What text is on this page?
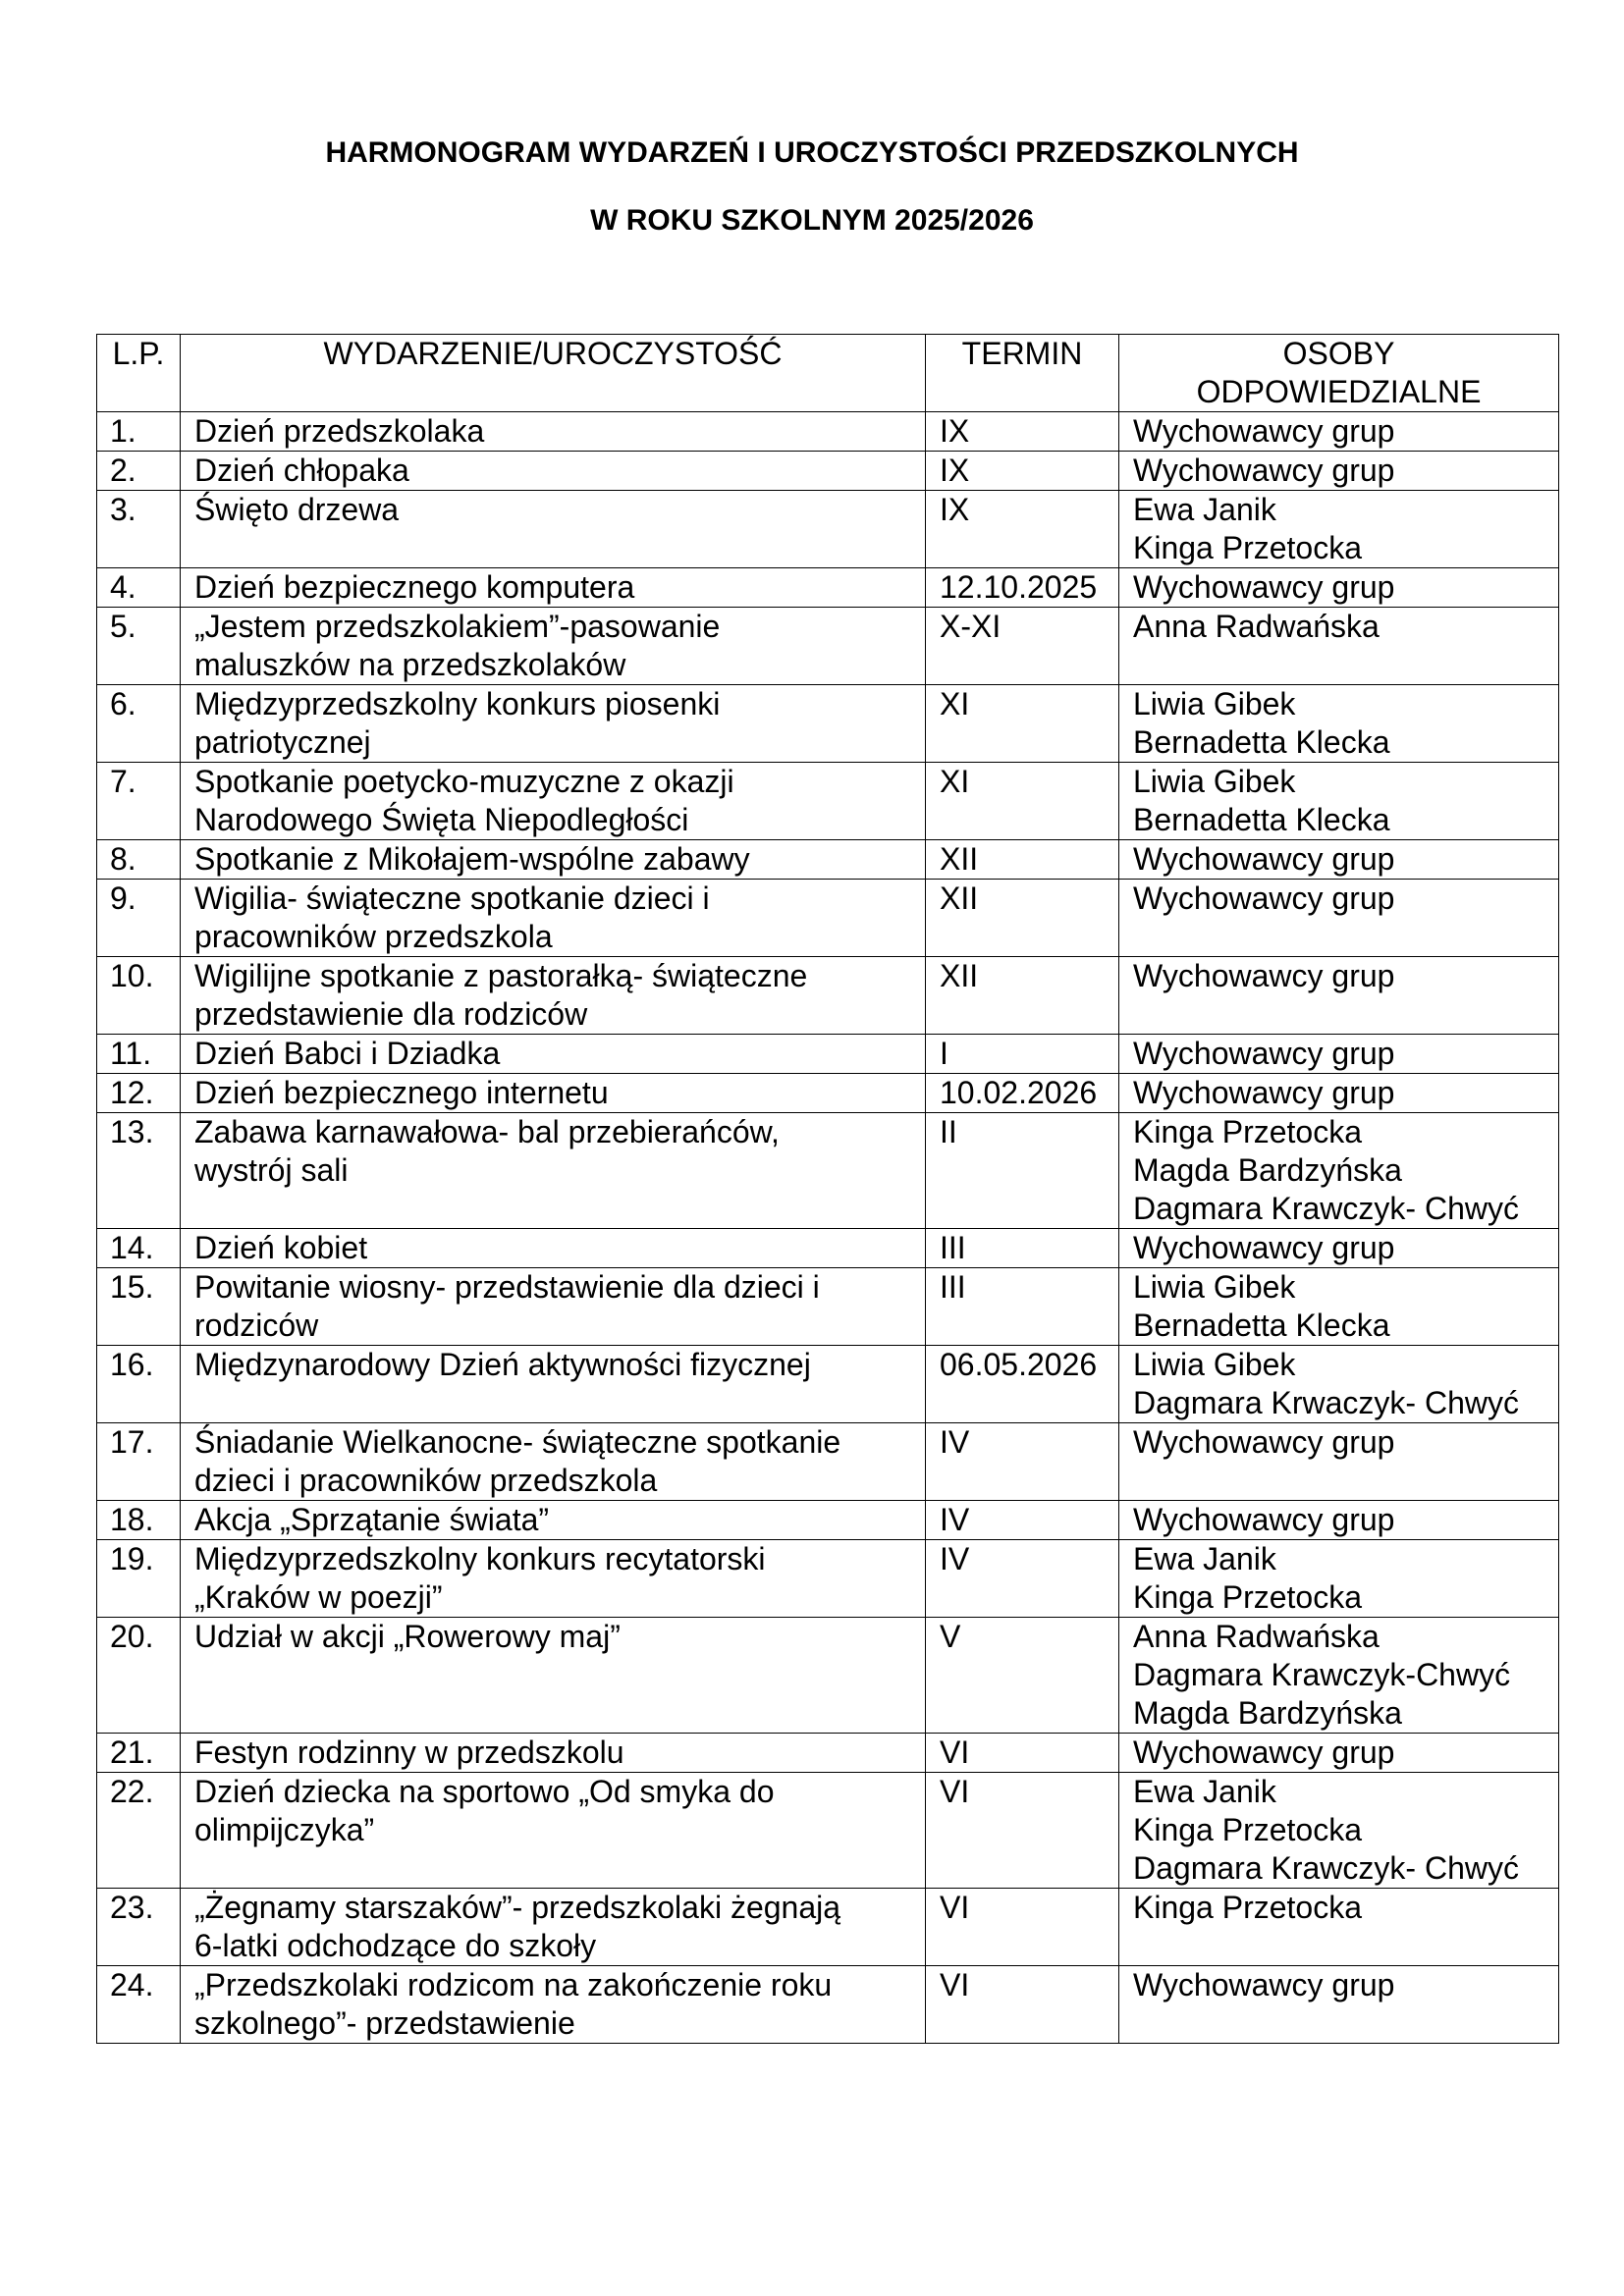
HARMONOGRAM WYDARZEŃ I UROCZYSTOŚCI PRZEDSZKOLNYCH
W ROKU SZKOLNYM 2025/2026
L.P.	WYDARZENIE/UROCZYSTOŚĆ	TERMIN	OSOBY
ODPOWIEDZIALNE

1.	Dzień przedszkolaka	IX	Wychowawcy grup

2.	Dzień chłopaka	IX	Wychowawcy grup

3.	Święto drzewa	IX	Ewa Janik
Kinga Przetocka

4.	Dzień bezpiecznego komputera	12.10.2025	Wychowawcy grup

5.	„Jestem przedszkolakiem”-pasowanie
maluszków na przedszkolaków	X-XI	Anna Radwańska

6.	Międzyprzedszkolny konkurs piosenki
patriotycznej	XI	Liwia Gibek
Bernadetta Klecka

7.	Spotkanie poetycko-muzyczne z okazji
Narodowego Święta Niepodległości	XI	Liwia Gibek
Bernadetta Klecka

8.	Spotkanie z Mikołajem-wspólne zabawy	XII	Wychowawcy grup

9.	Wigilia- świąteczne spotkanie dzieci i
pracowników przedszkola	XII	Wychowawcy grup

10.	Wigilijne spotkanie z pastorałką- świąteczne
przedstawienie dla rodziców	XII	Wychowawcy grup

11.	Dzień Babci i Dziadka	I	Wychowawcy grup

12.	Dzień bezpiecznego internetu	10.02.2026	Wychowawcy grup

13.	Zabawa karnawałowa- bal przebierańców,
wystrój sali	II	Kinga Przetocka
Magda Bardzyńska
Dagmara Krawczyk- Chwyć

14.	Dzień kobiet	III	Wychowawcy grup

15.	Powitanie wiosny- przedstawienie dla dzieci i
rodziców	III	Liwia Gibek
Bernadetta Klecka

16.	Międzynarodowy Dzień aktywności fizycznej	06.05.2026	Liwia Gibek
Dagmara Krwaczyk- Chwyć

17.	Śniadanie Wielkanocne- świąteczne spotkanie
dzieci i pracowników przedszkola	IV	Wychowawcy grup

18.	Akcja „Sprzątanie świata”	IV	Wychowawcy grup

19.	Międzyprzedszkolny konkurs recytatorski
„Kraków w poezji”	IV	Ewa Janik
Kinga Przetocka

20.	Udział w akcji „Rowerowy maj”	V	Anna Radwańska
Dagmara Krawczyk-Chwyć
Magda Bardzyńska

21.	Festyn rodzinny w przedszkolu	VI	Wychowawcy grup

22.	Dzień dziecka na sportowo „Od smyka do
olimpijczyka”	VI	Ewa Janik
Kinga Przetocka
Dagmara Krawczyk- Chwyć

23.	„Żegnamy starszaków”- przedszkolaki żegnają
6-latki odchodzące do szkoły	VI	Kinga Przetocka

24.	„Przedszkolaki rodzicom na zakończenie roku
szkolnego”- przedstawienie	VI	Wychowawcy grup
